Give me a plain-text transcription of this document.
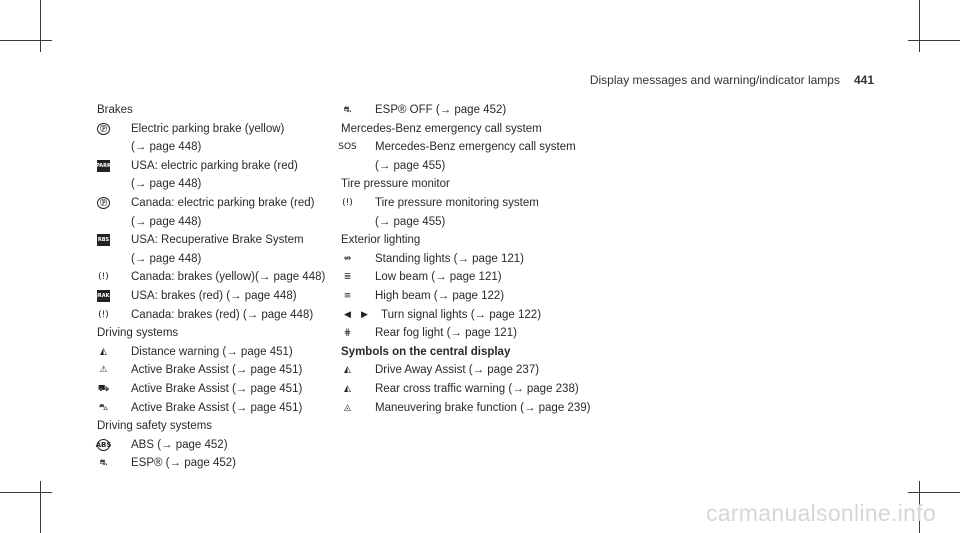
Display messages and warning/indicator lamps 441
Brakes
Ⓟ Electric parking brake (yellow)
(→ page 448)
PARK USA: electric parking brake (red)
(→ page 448)
Ⓟ Canada: electric parking brake (red)
(→ page 448)
RBS USA: Recuperative Brake System
(→ page 448)
(!) Canada: brakes (yellow)(→ page 448)
BRAKE USA: brakes (red) (→ page 448)
(!) Canada: brakes (red) (→ page 448)
Driving systems
◭ Distance warning (→ page 451)
⚠ Active Brake Assist (→ page 451)
⛟ Active Brake Assist (→ page 451)
⛍ Active Brake Assist (→ page 451)
Driving safety systems
ABS ABS (→ page 452)
⛐ ESP® (→ page 452)
⛐ ESP® OFF (→ page 452)
Mercedes-Benz emergency call system
SOS Mercedes-Benz emergency call system
(→ page 455)
Tire pressure monitor
(!) Tire pressure monitoring system
(→ page 455)
Exterior lighting
⇎ Standing lights (→ page 121)
≣ Low beam (→ page 121)
≡ High beam (→ page 122)
◀	▶ Turn signal lights (→ page 122)
⋕ Rear fog light (→ page 121)
Symbols on the central display
◭ Drive Away Assist (→ page 237)
◭ Rear cross traffic warning (→ page 238)
◬ Maneuvering brake function (→ page 239)
carmanualsonline.info
